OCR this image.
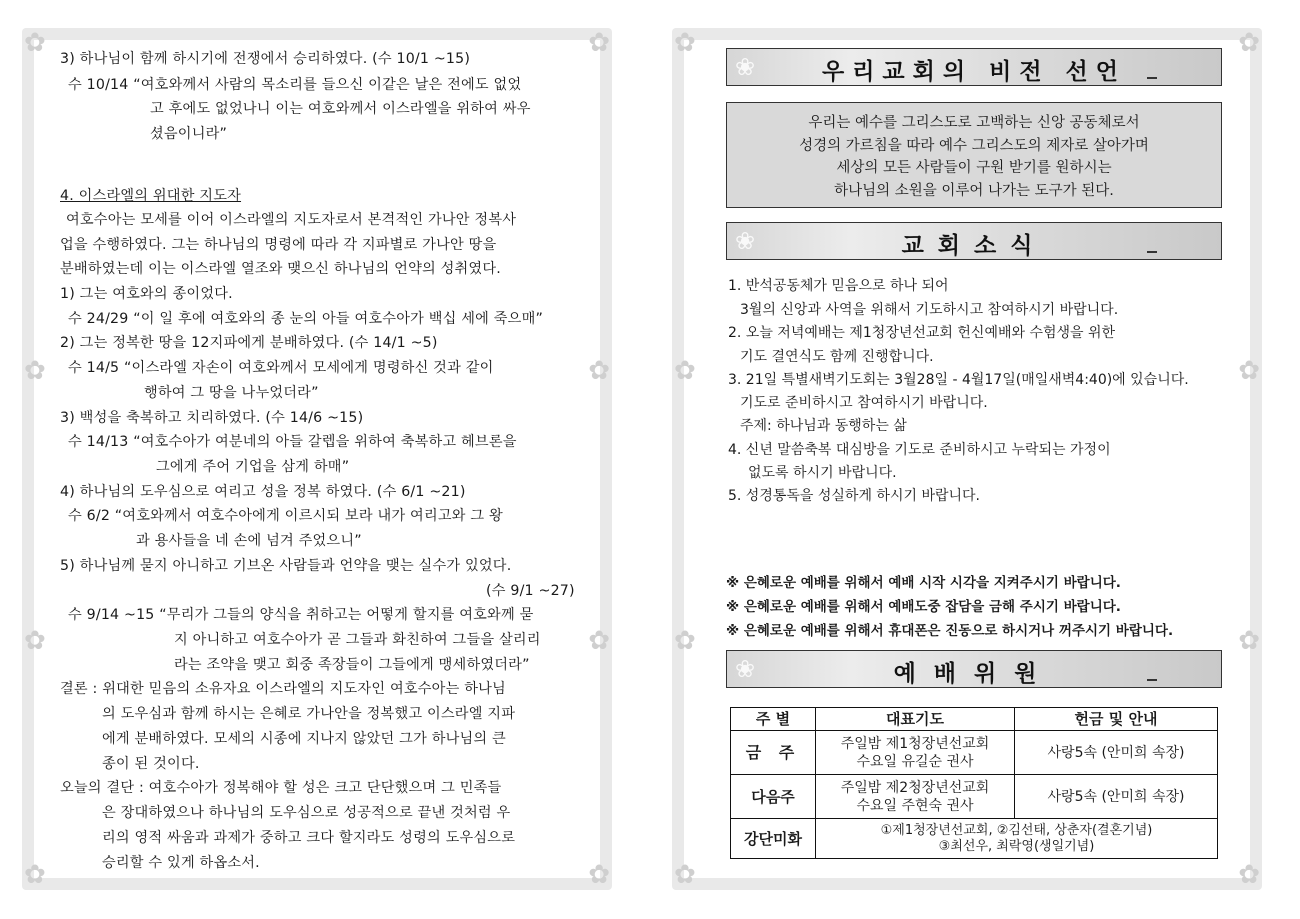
✿	✿
✿	✿
✿	✿
✿	✿
3) 하나님이 함께 하시기에 전쟁에서 승리하였다. (수 10/1 ~15)
수 10/14 “여호와께서 사람의 목소리를 들으신 이같은 날은 전에도 없었
고 후에도 없었나니 이는 여호와께서 이스라엘을 위하여 싸우
셨음이니라”
4. 이스라엘의 위대한 지도자
여호수아는 모세를 이어 이스라엘의 지도자로서 본격적인 가나안 정복사
업을 수행하였다. 그는 하나님의 명령에 따라 각 지파별로 가나안 땅을
분배하였는데 이는 이스라엘 열조와 맺으신 하나님의 언약의 성취였다.
1) 그는 여호와의 종이었다.
수 24/29 “이 일 후에 여호와의 종 눈의 아들 여호수아가 백십 세에 죽으매”
2) 그는 정복한 땅을 12지파에게 분배하였다. (수 14/1 ~5)
수 14/5 “이스라엘 자손이 여호와께서 모세에게 명령하신 것과 같이
행하여 그 땅을 나누었더라”
3) 백성을 축복하고 치리하였다. (수 14/6 ~15)
수 14/13 “여호수아가 여분네의 아들 갈렙을 위하여 축복하고 헤브론을
그에게 주어 기업을 삼게 하매”
4) 하나님의 도우심으로 여리고 성을 정복 하였다. (수 6/1 ~21)
수 6/2 “여호와께서 여호수아에게 이르시되 보라 내가 여리고와 그 왕
과 용사들을 네 손에 넘겨 주었으니”
5) 하나님께 묻지 아니하고 기브온 사람들과 언약을 맺는 실수가 있었다.
(수 9/1 ~27)
수 9/14 ~15 “무리가 그들의 양식을 취하고는 어떻게 할지를 여호와께 묻
지 아니하고 여호수아가 곧 그들과 화친하여 그들을 살리리
라는 조약을 맺고 회중 족장들이 그들에게 맹세하였더라”
결론 : 위대한 믿음의 소유자요 이스라엘의 지도자인 여호수아는 하나님
의 도우심과 함께 하시는 은혜로 가나안을 정복했고 이스라엘 지파
에게 분배하였다. 모세의 시종에 지나지 않았던 그가 하나님의 큰
종이 된 것이다.
오늘의 결단 : 여호수아가 정복해야 할 성은 크고 단단했으며 그 민족들
은 장대하였으나 하나님의 도우심으로 성공적으로 끝낸 것처럼 우
리의 영적 싸움과 과제가 중하고 크다 할지라도 성령의 도우심으로
승리할 수 있게 하옵소서.
✿	✿
✿	✿
✿	✿
✿	✿
❀	우리교회의 비전 선언
우리는 예수를 그리스도로 고백하는 신앙 공동체로서
성경의 가르침을 따라 예수 그리스도의 제자로 살아가며
세상의 모든 사람들이 구원 받기를 원하시는
하나님의 소원을 이루어 나가는 도구가 된다.
❀	교회소식
1. 반석공동체가 믿음으로 하나 되어
3월의 신앙과 사역을 위해서 기도하시고 참여하시기 바랍니다.
2. 오늘 저녁예배는 제1청장년선교회 헌신예배와 수험생을 위한
기도 결연식도 함께 진행합니다.
3. 21일 특별새벽기도회는 3월28일 - 4월17일(매일새벽4:40)에 있습니다.
기도로 준비하시고 참여하시기 바랍니다.
주제: 하나님과 동행하는 삶
4. 신년 말씀축복 대심방을 기도로 준비하시고 누락되는 가정이
없도록 하시기 바랍니다.
5. 성경통독을 성실하게 하시기 바랍니다.
※ 은혜로운 예배를 위해서 예배 시작 시각을 지켜주시기 바랍니다.
※ 은혜로운 예배를 위해서 예배도중 잡담을 금해 주시기 바랍니다.
※ 은혜로운 예배를 위해서 휴대폰은 진동으로 하시거나 꺼주시기 바랍니다.
❀	예배위원
주 별	대표기도	헌금 및 안내
금 주	주일밤 제1청장년선교회
수요일 유길순 권사	사랑5속 (안미희 속장)
다음주	주일밤 제2청장년선교회
수요일 주현숙 권사	사랑5속 (안미희 속장)
강단미화	①제1청장년선교회, ②김선태, 상춘자(결혼기념)
③최선우, 최락영(생일기념)	
